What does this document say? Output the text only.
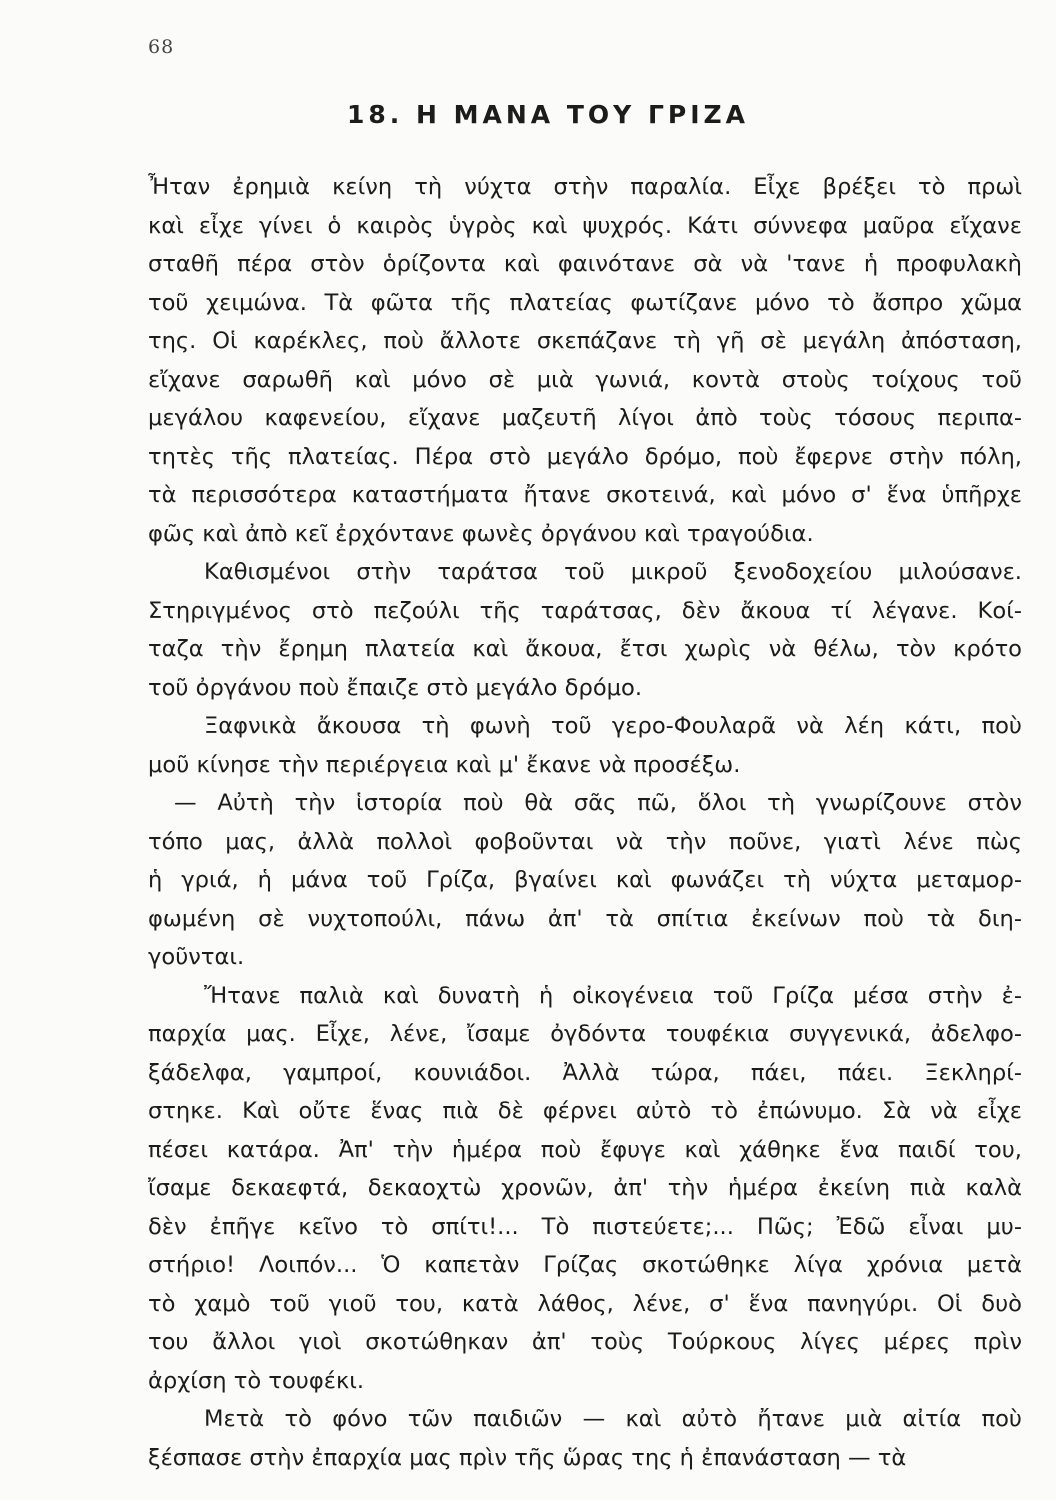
68
18. Η ΜΑΝΑ ΤΟΥ ΓΡΙΖΑ

Ἦταν ἐρημιὰ κείνη τὴ νύχτα στὴν παραλία. Εἶχε βρέξει τὸ πρωὶ
καὶ εἶχε γίνει ὁ καιρὸς ὑγρὸς καὶ ψυχρός. Κάτι σύννεφα μαῦρα εἴχανε
σταθῆ πέρα στὸν ὁρίζοντα καὶ φαινότανε σὰ νὰ 'τανε ἡ προφυλακὴ
τοῦ χειμώνα. Τὰ φῶτα τῆς πλατείας φωτίζανε μόνο τὸ ἄσπρο χῶμα
της. Οἱ καρέκλες, ποὺ ἄλλοτε σκεπάζανε τὴ γῆ σὲ μεγάλη ἀπόσταση,
εἴχανε σαρωθῆ καὶ μόνο σὲ μιὰ γωνιά, κοντὰ στοὺς τοίχους τοῦ
μεγάλου καφενείου, εἴχανε μαζευτῆ λίγοι ἀπὸ τοὺς τόσους περιπα-
τητὲς τῆς πλατείας. Πέρα στὸ μεγάλο δρόμο, ποὺ ἔφερνε στὴν πόλη,
τὰ περισσότερα καταστήματα ἤτανε σκοτεινά, καὶ μόνο σ' ἕνα ὑπῆρχε
φῶς καὶ ἀπὸ κεῖ ἐρχόντανε φωνὲς ὀργάνου καὶ τραγούδια.

Καθισμένοι στὴν ταράτσα τοῦ μικροῦ ξενοδοχείου μιλούσανε.
Στηριγμένος στὸ πεζούλι τῆς ταράτσας, δὲν ἄκουα τί λέγανε. Κοί-
ταζα τὴν ἔρημη πλατεία καὶ ἄκουα, ἔτσι χωρὶς νὰ θέλω, τὸν κρότο
τοῦ ὀργάνου ποὺ ἔπαιζε στὸ μεγάλο δρόμο.

Ξαφνικὰ ἄκουσα τὴ φωνὴ τοῦ γερο-Φουλαρᾶ νὰ λέη κάτι, ποὺ
μοῦ κίνησε τὴν περιέργεια καὶ μ' ἔκανε νὰ προσέξω.

— Αὐτὴ τὴν ἱστορία ποὺ θὰ σᾶς πῶ, ὅλοι τὴ γνωρίζουνε στὸν
τόπο μας, ἀλλὰ πολλοὶ φοβοῦνται νὰ τὴν ποῦνε, γιατὶ λένε πὼς
ἡ γριά, ἡ μάνα τοῦ Γρίζα, βγαίνει καὶ φωνάζει τὴ νύχτα μεταμορ-
φωμένη σὲ νυχτοπούλι, πάνω ἀπ' τὰ σπίτια ἐκείνων ποὺ τὰ διη-
γοῦνται.

Ἤτανε παλιὰ καὶ δυνατὴ ἡ οἰκογένεια τοῦ Γρίζα μέσα στὴν ἐ-
παρχία μας. Εἶχε, λένε, ἴσαμε ὀγδόντα τουφέκια συγγενικά, ἀδελφο-
ξάδελφα, γαμπροί, κουνιάδοι. Ἀλλὰ τώρα, πάει, πάει. Ξεκληρί-
στηκε. Καὶ οὔτε ἕνας πιὰ δὲ φέρνει αὐτὸ τὸ ἐπώνυμο. Σὰ νὰ εἶχε
πέσει κατάρα. Ἀπ' τὴν ἡμέρα ποὺ ἔφυγε καὶ χάθηκε ἕνα παιδί του,
ἴσαμε δεκαεφτά, δεκαοχτὼ χρονῶν, ἀπ' τὴν ἡμέρα ἐκείνη πιὰ καλὰ
δὲν ἐπῆγε κεῖνο τὸ σπίτι!... Τὸ πιστεύετε;... Πῶς; Ἐδῶ εἶναι μυ-
στήριο! Λοιπόν... Ὁ καπετὰν Γρίζας σκοτώθηκε λίγα χρόνια μετὰ
τὸ χαμὸ τοῦ γιοῦ του, κατὰ λάθος, λένε, σ' ἕνα πανηγύρι. Οἱ δυὸ
του ἄλλοι γιοὶ σκοτώθηκαν ἀπ' τοὺς Τούρκους λίγες μέρες πρὶν
ἀρχίση τὸ τουφέκι.

Μετὰ τὸ φόνο τῶν παιδιῶν — καὶ αὐτὸ ἤτανε μιὰ αἰτία ποὺ
ξέσπασε στὴν ἐπαρχία μας πρὶν τῆς ὥρας της ἡ ἐπανάσταση — τὰ
